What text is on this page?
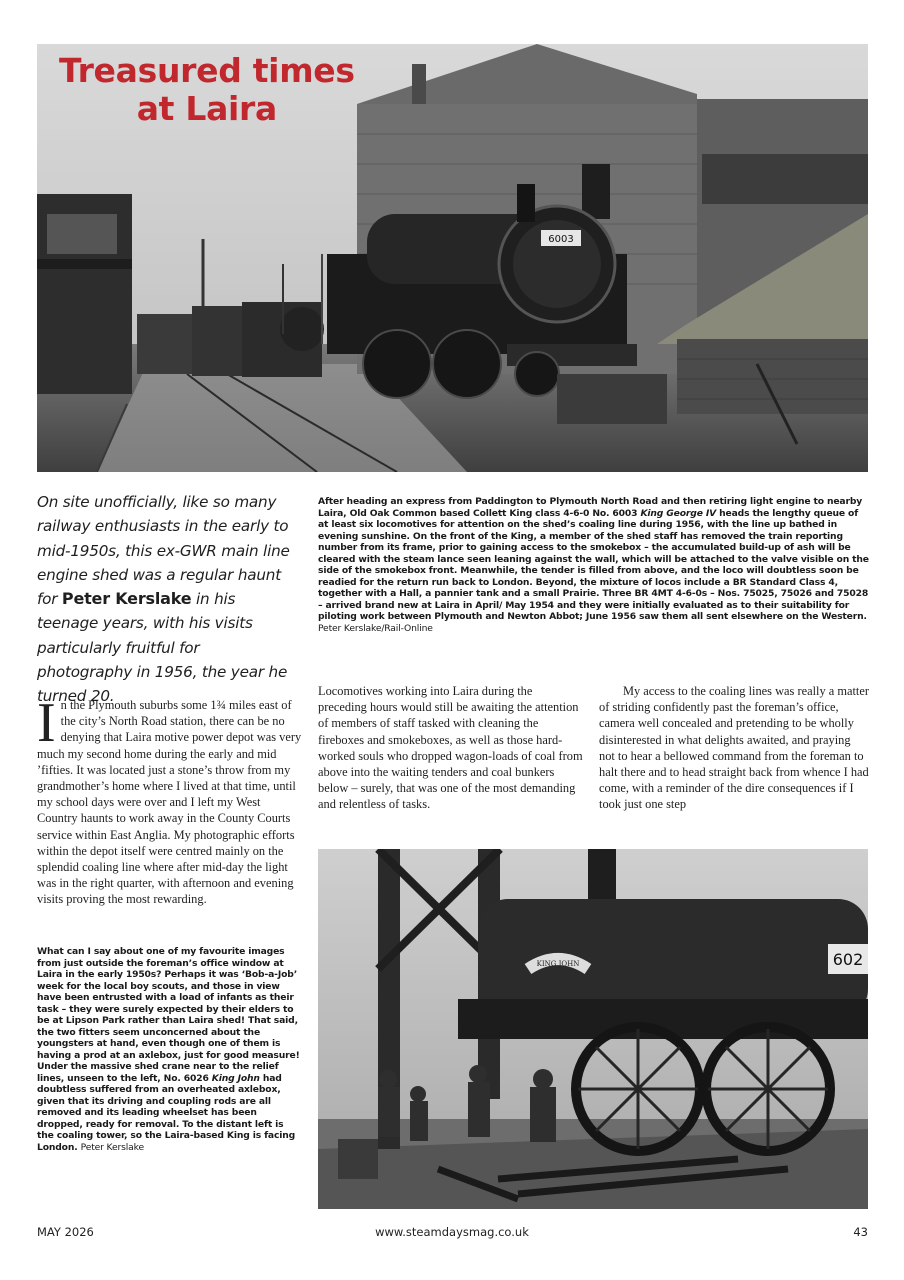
6003
Treasured times
at Laira
On site unofficially, like so many railway enthusiasts in the early to mid-1950s, this ex-GWR main line engine shed was a regular haunt for Peter Kerslake in his teenage years, with his visits particularly fruitful for photography in 1956, the year he turned 20.
After heading an express from Paddington to Plymouth North Road and then retiring light engine to nearby Laira, Old Oak Common based Collett King class 4-6-0 No. 6003 King George IV heads the lengthy queue of at least six locomotives for attention on the shed’s coaling line during 1956, with the line up bathed in evening sunshine. On the front of the King, a member of the shed staff has removed the train reporting number from its frame, prior to gaining access to the smokebox – the accumulated build-up of ash will be cleared with the steam lance seen leaning against the wall, which will be attached to the valve visible on the side of the smokebox front. Meanwhile, the tender is filled from above, and the loco will doubtless soon be readied for the return run back to London. Beyond, the mixture of locos include a BR Standard Class 4, together with a Hall, a pannier tank and a small Prairie. Three BR 4MT 4-6-0s – Nos. 75025, 75026 and 75028 – arrived brand new at Laira in April/ May 1954 and they were initially evaluated as to their suitability for piloting work between Plymouth and Newton Abbot; June 1956 saw them all sent elsewhere on the Western. Peter Kerslake/Rail-Online

In the Plymouth suburbs some 1¾ miles east of the city’s North Road station, there can be no denying that Laira motive power depot was very much my second home during the early and mid ’fifties. It was located just a stone’s throw from my grandmother’s home where I lived at that time, until my school days were over and I left my West Country haunts to work away in the County Courts service within East Anglia. My photographic efforts within the depot itself were centred mainly on the splendid coaling line where after mid-day the light was in the right quarter, with afternoon and evening visits proving the most rewarding.

What can I say about one of my favourite images from just outside the foreman’s office window at Laira in the early 1950s? Perhaps it was ‘Bob-a-Job’ week for the local boy scouts, and those in view have been entrusted with a load of infants as their task – they were surely expected by their elders to be at Lipson Park rather than Laira shed! That said, the two fitters seem unconcerned about the youngsters at hand, even though one of them is having a prod at an axlebox, just for good measure! Under the massive shed crane near to the relief lines, unseen to the left, No. 6026 King John had doubtless suffered from an overheated axlebox, given that its driving and coupling rods are all removed and its leading wheelset has been dropped, ready for removal. To the distant left is the coaling tower, so the Laira-based King is facing London. Peter Kerslake

Locomotives working into Laira during the preceding hours would still be awaiting the attention of members of staff tasked with cleaning the fireboxes and smokeboxes, as well as those hard-worked souls who dropped wagon-loads of coal from above into the waiting tenders and coal bunkers below – surely, that was one of the most demanding and relentless of tasks.

My access to the coaling lines was really a matter of striding confidently past the foreman’s office, camera well concealed and pretending to be wholly disinterested in what delights awaited, and praying not to hear a bellowed command from the foreman to halt there and to head straight back from whence I had come, with a reminder of the dire consequences if I took just one step

602
KING JOHN
MAY 2026	www.steamdaysmag.co.uk	43
